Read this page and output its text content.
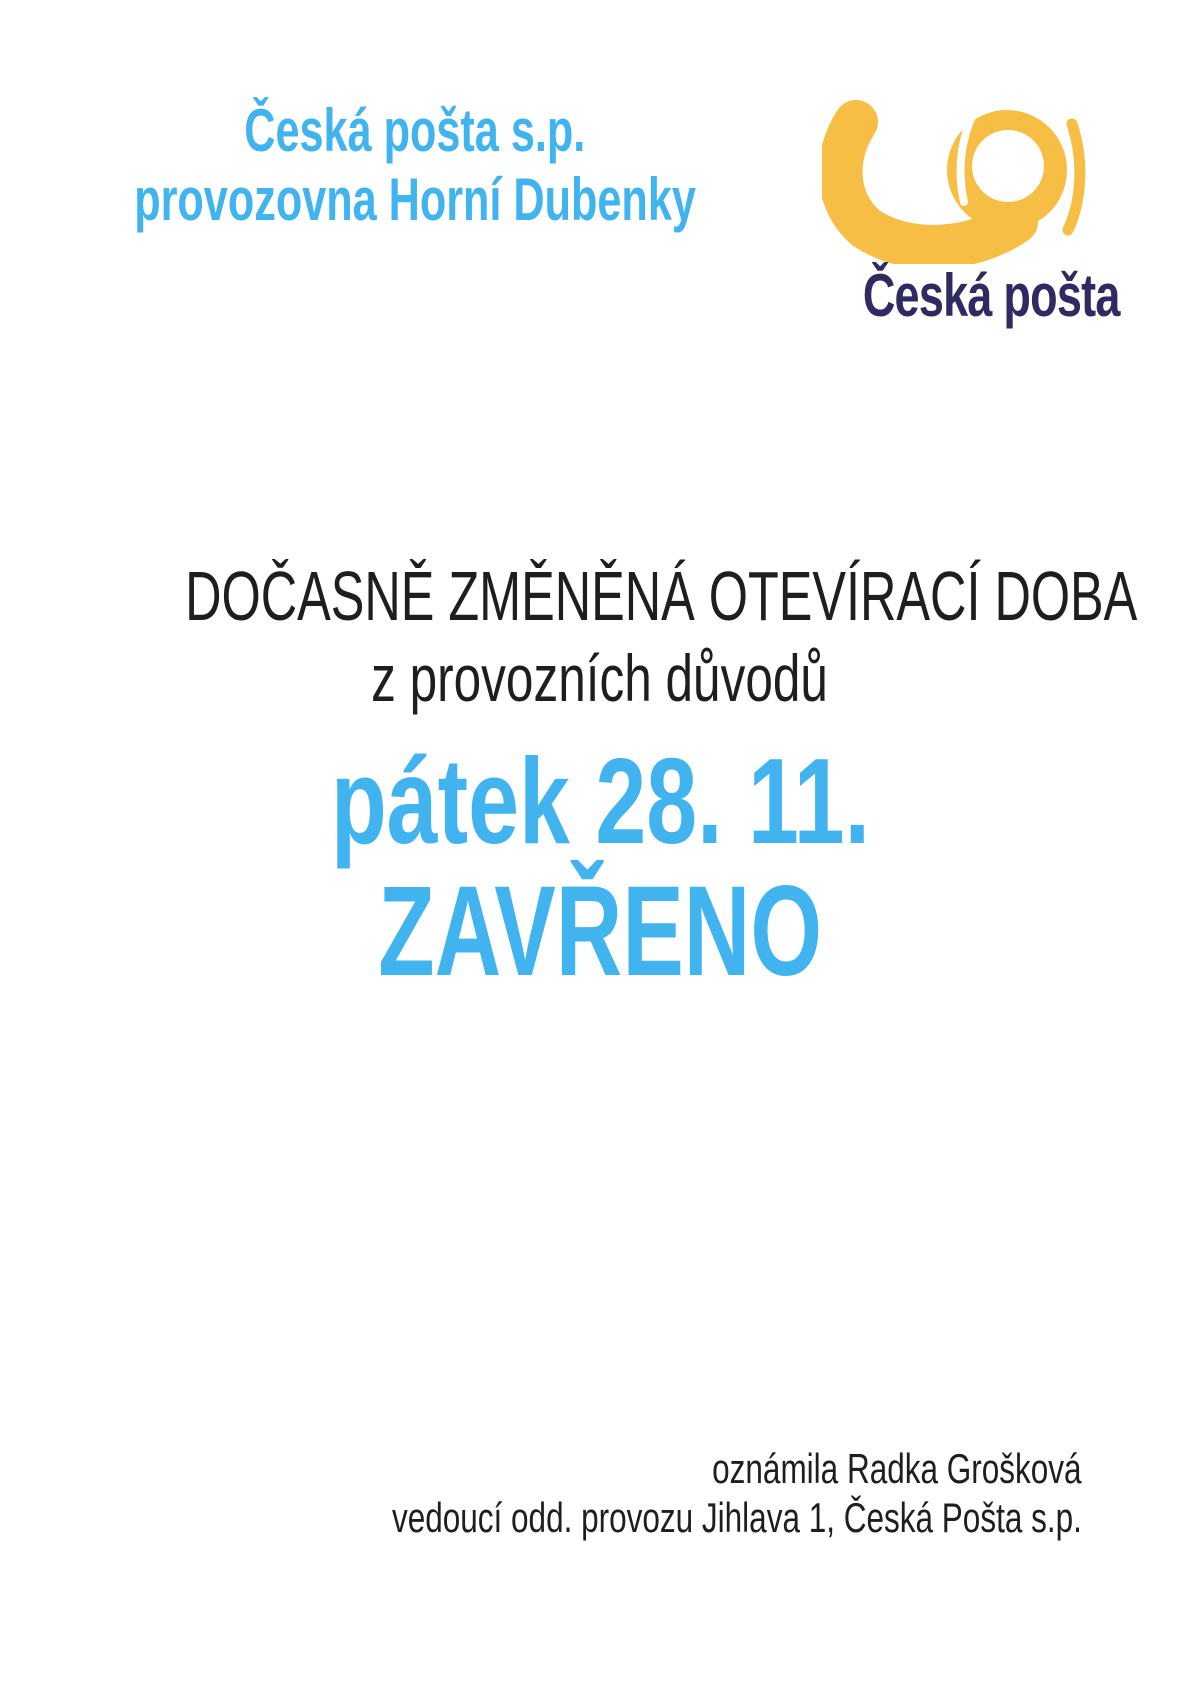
Česká pošta s.p.
provozovna Horní Dubenky
Česká pošta
DOČASNĚ ZMĚNĚNÁ OTEVÍRACÍ DOBA
z provozních důvodů
pátek 28. 11.
ZAVŘENO
oznámila Radka Grošková
vedoucí odd. provozu Jihlava 1, Česká Pošta s.p.
